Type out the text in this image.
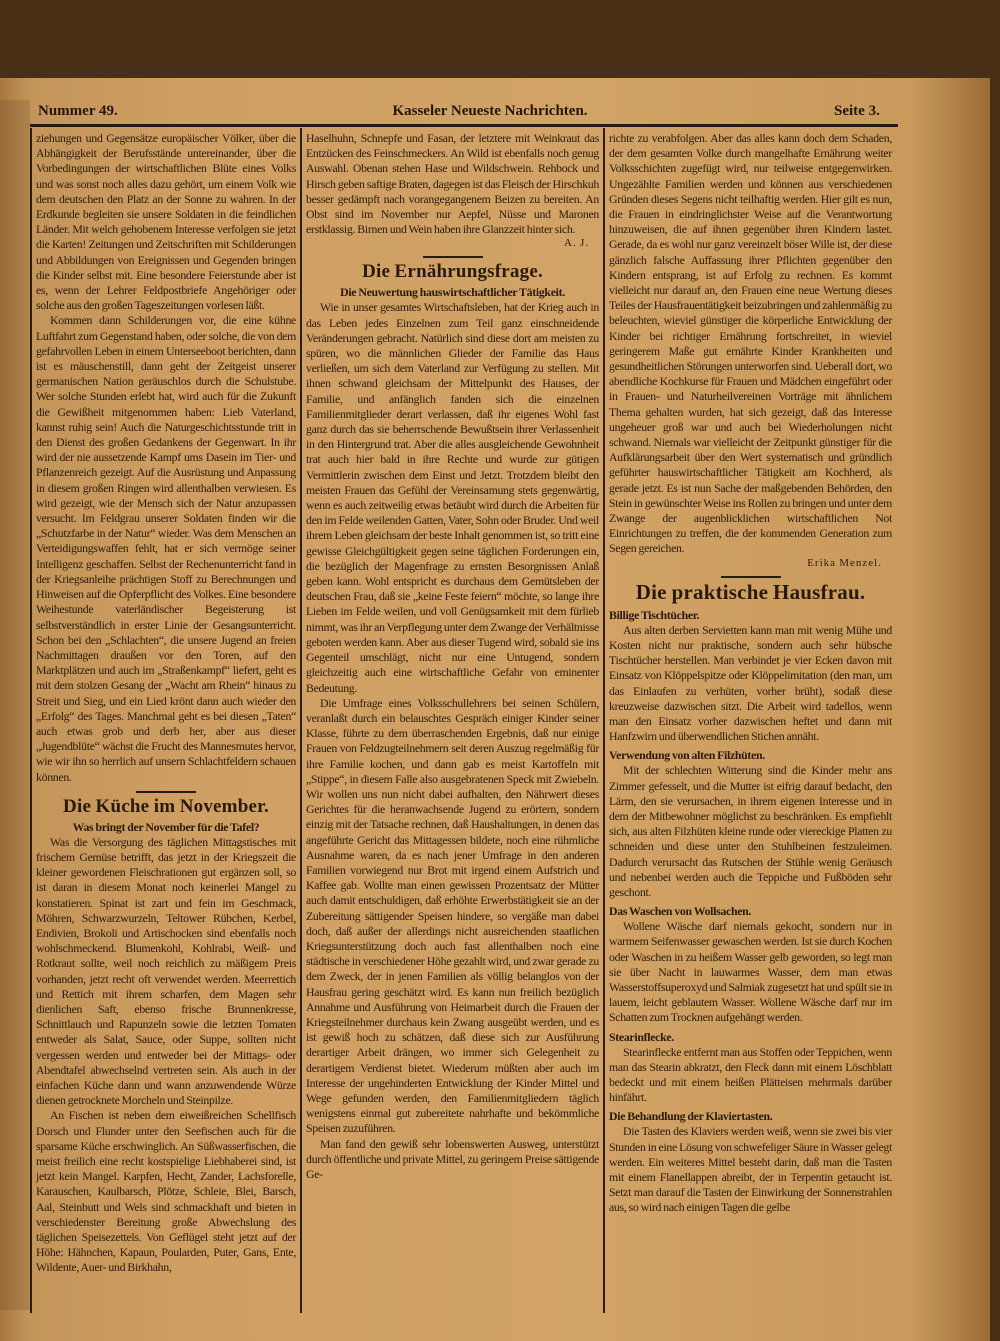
Nummer 49.	Kasseler Neueste Nachrichten.	Seite 3.

ziehungen und Gegensätze europäischer Völker, über die Abhängigkeit der Berufsstände untereinander, über die Vorbedingungen der wirtschaftlichen Blüte eines Volks und was sonst noch alles dazu gehört, um einem Volk wie dem deutschen den Platz an der Sonne zu wahren. In der Erdkunde begleiten sie unsere Soldaten in die feindlichen Länder. Mit welch gehobenem Interesse verfolgen sie jetzt die Karten! Zeitungen und Zeitschriften mit Schilderungen und Abbildungen von Ereignissen und Gegenden bringen die Kinder selbst mit. Eine besondere Feierstunde aber ist es, wenn der Lehrer Feldpostbriefe Angehöriger oder solche aus den großen Tageszeitungen vorlesen läßt.

Kommen dann Schilderungen vor, die eine kühne Luftfahrt zum Gegenstand haben, oder solche, die von dem gefahrvollen Leben in einem Unterseeboot berichten, dann ist es mäuschenstill, dann geht der Zeitgeist unserer germanischen Nation geräuschlos durch die Schulstube. Wer solche Stunden erlebt hat, wird auch für die Zukunft die Gewißheit mitgenommen haben: Lieb Vaterland, kannst ruhig sein! Auch die Naturgeschichtsstunde tritt in den Dienst des großen Gedankens der Gegenwart. In ihr wird der nie aussetzende Kampf ums Dasein im Tier- und Pflanzenreich gezeigt. Auf die Ausrüstung und Anpassung in diesem großen Ringen wird allenthalben verwiesen. Es wird gezeigt, wie der Mensch sich der Natur anzupassen versucht. Im Feldgrau unserer Soldaten finden wir die „Schutzfarbe in der Natur“ wieder. Was dem Menschen an Verteidigungswaffen fehlt, hat er sich vermöge seiner Intelligenz geschaffen. Selbst der Rechenunterricht fand in der Kriegsanleihe prächtigen Stoff zu Berechnungen und Hinweisen auf die Opferpflicht des Volkes. Eine besondere Weihestunde vaterländischer Begeisterung ist selbstverständlich in erster Linie der Gesangsunterricht. Schon bei den „Schlachten“, die unsere Jugend an freien Nachmittagen draußen vor den Toren, auf den Marktplätzen und auch im „Straßenkampf“ liefert, geht es mit dem stolzen Gesang der „Wacht am Rhein“ hinaus zu Streit und Sieg, und ein Lied krönt dann auch wieder den „Erfolg“ des Tages. Manchmal geht es bei diesen „Taten“ auch etwas grob und derb her, aber aus dieser „Jugendblüte“ wächst die Frucht des Mannesmutes hervor, wie wir ihn so herrlich auf unsern Schlachtfeldern schauen können.

Die Küche im November.
Was bringt der November für die Tafel?

Was die Versorgung des täglichen Mittagstisches mit frischem Gemüse betrifft, das jetzt in der Kriegszeit die kleiner gewordenen Fleischrationen gut ergänzen soll, so ist daran in diesem Monat noch keinerlei Mangel zu konstatieren. Spinat ist zart und fein im Geschmack, Möhren, Schwarzwurzeln, Teltower Rübchen, Kerbel, Endivien, Brokoli und Artischocken sind ebenfalls noch wohlschmeckend. Blumenkohl, Kohlrabi, Weiß- und Rotkraut sollte, weil noch reichlich zu mäßigem Preis vorhanden, jetzt recht oft verwendet werden. Meerrettich und Rettich mit ihrem scharfen, dem Magen sehr dienlichen Saft, ebenso frische Brunnenkresse, Schnittlauch und Rapunzeln sowie die letzten Tomaten entweder als Salat, Sauce, oder Suppe, sollten nicht vergessen werden und entweder bei der Mittags- oder Abendtafel abwechselnd vertreten sein. Als auch in der einfachen Küche dann und wann anzuwendende Würze dienen getrocknete Morcheln und Steinpilze.

An Fischen ist neben dem eiweißreichen Schellfisch Dorsch und Flunder unter den Seefischen auch für die sparsame Küche erschwinglich. An Süßwasserfischen, die meist freilich eine recht kostspielige Liebhaberei sind, ist jetzt kein Mangel. Karpfen, Hecht, Zander, Lachsforelle, Karauschen, Kaulbarsch, Plötze, Schleie, Blei, Barsch, Aal, Steinbutt und Wels sind schmackhaft und bieten in verschiedenster Bereitung große Abwechslung des täglichen Speisezettels. Von Geflügel steht jetzt auf der Höhe: Hähnchen, Kapaun, Poularden, Puter, Gans, Ente, Wildente, Auer- und Birkhahn,

Haselhuhn, Schnepfe und Fasan, der letztere mit Weinkraut das Entzücken des Feinschmeckers. An Wild ist ebenfalls noch genug Auswahl. Obenan stehen Hase und Wildschwein. Rehbock und Hirsch geben saftige Braten, dagegen ist das Fleisch der Hirschkuh besser gedämpft nach vorangegangenem Beizen zu bereiten. An Obst sind im November nur Aepfel, Nüsse und Maronen erstklassig. Birnen und Wein haben ihre Glanzzeit hinter sich.

A. J.
Die Ernährungsfrage.
Die Neuwertung hauswirtschaftlicher Tätigkeit.

Wie in unser gesamtes Wirtschaftsleben, hat der Krieg auch in das Leben jedes Einzelnen zum Teil ganz einschneidende Veränderungen gebracht. Natürlich sind diese dort am meisten zu spüren, wo die männlichen Glieder der Familie das Haus verließen, um sich dem Vaterland zur Verfügung zu stellen. Mit ihnen schwand gleichsam der Mittelpunkt des Hauses, der Familie, und anfänglich fanden sich die einzelnen Familienmitglieder derart verlassen, daß ihr eigenes Wohl fast ganz durch das sie beherrschende Bewußtsein ihrer Verlassenheit in den Hintergrund trat. Aber die alles ausgleichende Gewohnheit trat auch hier bald in ihre Rechte und wurde zur gütigen Vermittlerin zwischen dem Einst und Jetzt. Trotzdem bleibt den meisten Frauen das Gefühl der Vereinsamung stets gegenwärtig, wenn es auch zeitweilig etwas betäubt wird durch die Arbeiten für den im Felde weilenden Gatten, Vater, Sohn oder Bruder. Und weil ihrem Leben gleichsam der beste Inhalt genommen ist, so tritt eine gewisse Gleichgültigkeit gegen seine täglichen Forderungen ein, die bezüglich der Magenfrage zu ernsten Besorgnissen Anlaß geben kann. Wohl entspricht es durchaus dem Gemütsleben der deutschen Frau, daß sie „keine Feste feiern“ möchte, so lange ihre Lieben im Felde weilen, und voll Genügsamkeit mit dem fürlieb nimmt, was ihr an Verpflegung unter dem Zwange der Verhältnisse geboten werden kann. Aber aus dieser Tugend wird, sobald sie ins Gegenteil umschlägt, nicht nur eine Untugend, sondern gleichzeitig auch eine wirtschaftliche Gefahr von eminenter Bedeutung.

Die Umfrage eines Volksschullehrers bei seinen Schülern, veranlaßt durch ein belauschtes Gespräch einiger Kinder seiner Klasse, führte zu dem überraschenden Ergebnis, daß nur einige Frauen von Feldzugteilnehmern seit deren Auszug regelmäßig für ihre Familie kochen, und dann gab es meist Kartoffeln mit „Stippe“, in diesem Falle also ausgebratenen Speck mit Zwiebeln. Wir wollen uns nun nicht dabei aufhalten, den Nährwert dieses Gerichtes für die heranwachsende Jugend zu erörtern, sondern einzig mit der Tatsache rechnen, daß Haushaltungen, in denen das angeführte Gericht das Mittagessen bildete, noch eine rühmliche Ausnahme waren, da es nach jener Umfrage in den anderen Familien vorwiegend nur Brot mit irgend einem Aufstrich und Kaffee gab. Wollte man einen gewissen Prozentsatz der Mütter auch damit entschuldigen, daß erhöhte Erwerbstätigkeit sie an der Zubereitung sättigender Speisen hindere, so vergäße man dabei doch, daß außer der allerdings nicht ausreichenden staatlichen Kriegsunterstützung doch auch fast allenthalben noch eine städtische in verschiedener Höhe gezahlt wird, und zwar gerade zu dem Zweck, der in jenen Familien als völlig belanglos von der Hausfrau gering geschätzt wird. Es kann nun freilich bezüglich Annahme und Ausführung von Heimarbeit durch die Frauen der Kriegsteilnehmer durchaus kein Zwang ausgeübt werden, und es ist gewiß hoch zu schätzen, daß diese sich zur Ausführung derartiger Arbeit drängen, wo immer sich Gelegenheit zu derartigem Verdienst bietet. Wiederum müßten aber auch im Interesse der ungehinderten Entwicklung der Kinder Mittel und Wege gefunden werden, den Familienmitgliedern täglich wenigstens einmal gut zubereitete nahrhafte und bekömmliche Speisen zuzuführen.

Man fand den gewiß sehr lobenswerten Ausweg, unterstützt durch öffentliche und private Mittel, zu geringem Preise sättigende Ge-

richte zu verabfolgen. Aber das alles kann doch dem Schaden, der dem gesamten Volke durch mangelhafte Ernährung weiter Volksschichten zugefügt wird, nur teilweise entgegenwirken. Ungezählte Familien werden und können aus verschiedenen Gründen dieses Segens nicht teilhaftig werden. Hier gilt es nun, die Frauen in eindringlichster Weise auf die Verantwortung hinzuweisen, die auf ihnen gegenüber ihren Kindern lastet. Gerade, da es wohl nur ganz vereinzelt böser Wille ist, der diese gänzlich falsche Auffassung ihrer Pflichten gegenüber den Kindern entsprang, ist auf Erfolg zu rechnen. Es kommt vielleicht nur darauf an, den Frauen eine neue Wertung dieses Teiles der Hausfrauentätigkeit beizubringen und zahlenmäßig zu beleuchten, wieviel günstiger die körperliche Entwicklung der Kinder bei richtiger Ernährung fortschreitet, in wieviel geringerem Maße gut ernährte Kinder Krankheiten und gesundheitlichen Störungen unterworfen sind. Ueberall dort, wo abendliche Kochkurse für Frauen und Mädchen eingeführt oder in Frauen- und Naturheilvereinen Vorträge mit ähnlichem Thema gehalten wurden, hat sich gezeigt, daß das Interesse ungeheuer groß war und auch bei Wiederholungen nicht schwand. Niemals war vielleicht der Zeitpunkt günstiger für die Aufklärungsarbeit über den Wert systematisch und gründlich geführter hauswirtschaftlicher Tätigkeit am Kochherd, als gerade jetzt. Es ist nun Sache der maßgebenden Behörden, den Stein in gewünschter Weise ins Rollen zu bringen und unter dem Zwange der augenblicklichen wirtschaftlichen Not Einrichtungen zu treffen, die der kommenden Generation zum Segen gereichen.

Erika Menzel.
Die praktische Hausfrau.
Billige Tischtücher.

Aus alten derben Servietten kann man mit wenig Mühe und Kosten nicht nur praktische, sondern auch sehr hübsche Tischtücher herstellen. Man verbindet je vier Ecken davon mit Einsatz von Klöppelspitze oder Klöppelimitation (den man, um das Einlaufen zu verhüten, vorher brüht), sodaß diese kreuzweise dazwischen sitzt. Die Arbeit wird tadellos, wenn man den Einsatz vorher dazwischen heftet und dann mit Hanfzwirn und überwendlichen Stichen annäht.

Verwendung von alten Filzhüten.

Mit der schlechten Witterung sind die Kinder mehr ans Zimmer gefesselt, und die Mutter ist eifrig darauf bedacht, den Lärm, den sie verursachen, in ihrem eigenen Interesse und in dem der Mitbewohner möglichst zu beschränken. Es empfiehlt sich, aus alten Filzhüten kleine runde oder viereckige Platten zu schneiden und diese unter den Stuhlbeinen festzuleimen. Dadurch verursacht das Rutschen der Stühle wenig Geräusch und nebenbei werden auch die Teppiche und Fußböden sehr geschont.

Das Waschen von Wollsachen.

Wollene Wäsche darf niemals gekocht, sondern nur in warmem Seifenwasser gewaschen werden. Ist sie durch Kochen oder Waschen in zu heißem Wasser gelb geworden, so legt man sie über Nacht in lauwarmes Wasser, dem man etwas Wasserstoffsuperoxyd und Salmiak zugesetzt hat und spült sie in lauem, leicht geblautem Wasser. Wollene Wäsche darf nur im Schatten zum Trocknen aufgehängt werden.

Stearinflecke.

Stearinflecke entfernt man aus Stoffen oder Teppichen, wenn man das Stearin abkratzt, den Fleck dann mit einem Löschblatt bedeckt und mit einem heißen Plätteisen mehrmals darüber hinfährt.

Die Behandlung der Klaviertasten.

Die Tasten des Klaviers werden weiß, wenn sie zwei bis vier Stunden in eine Lösung von schwefeliger Säure in Wasser gelegt werden. Ein weiteres Mittel besteht darin, daß man die Tasten mit einem Flanellappen abreibt, der in Terpentin getaucht ist. Setzt man darauf die Tasten der Einwirkung der Sonnenstrahlen aus, so wird nach einigen Tagen die gelbe
